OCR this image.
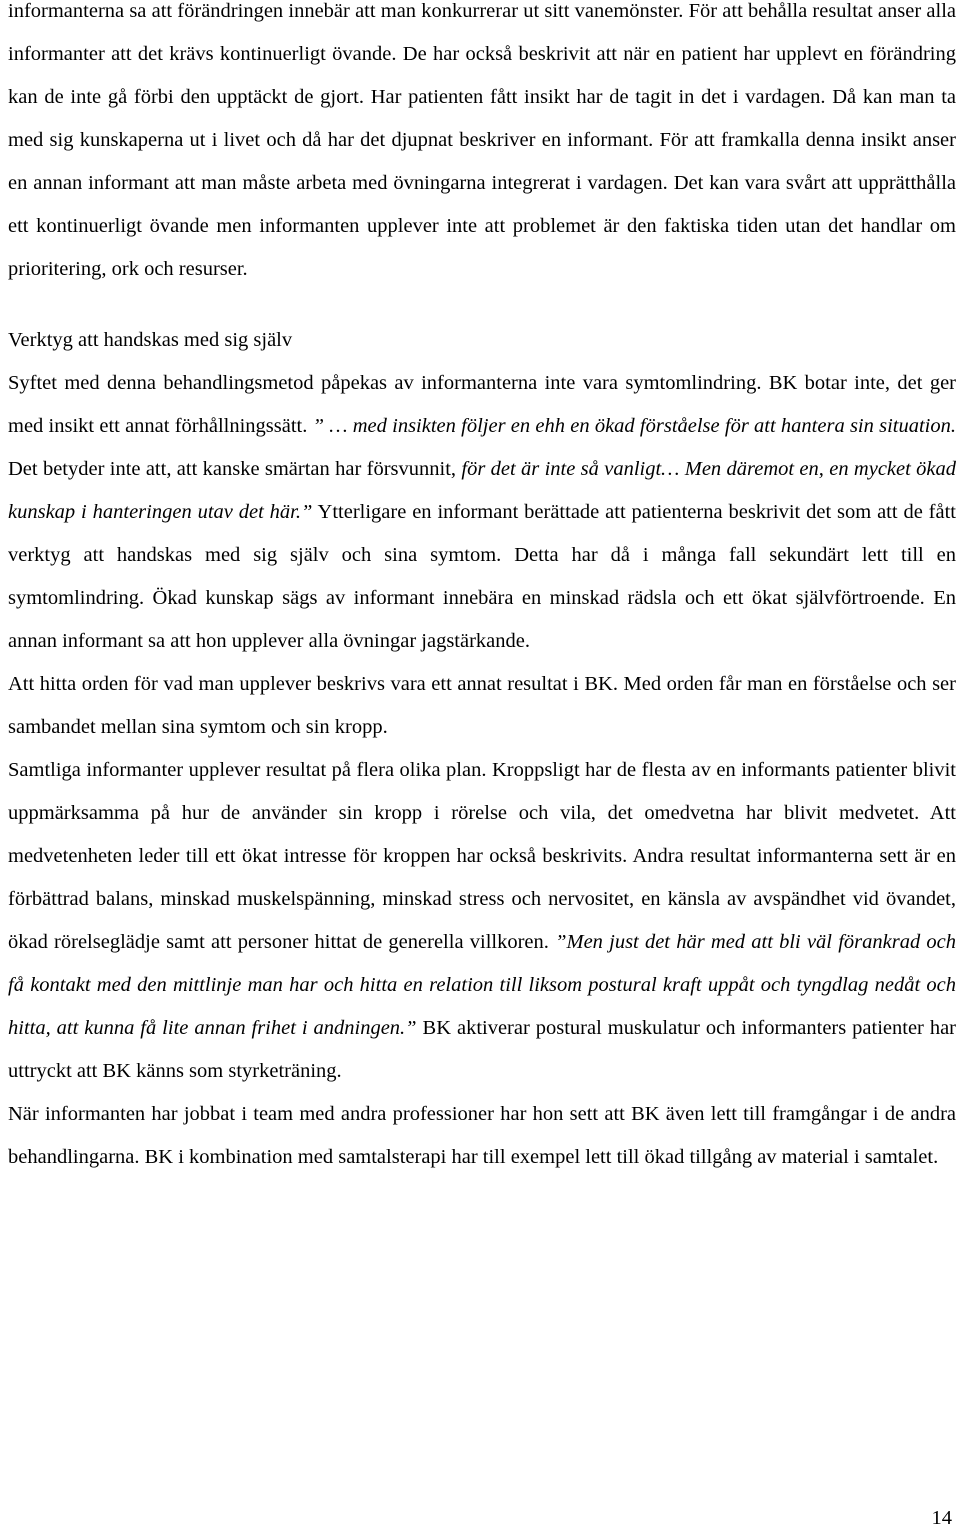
informanterna sa att förändringen innebär att man konkurrerar ut sitt vanemönster. För att behålla resultat anser alla informanter att det krävs kontinuerligt övande. De har också beskrivit att när en patient har upplevt en förändring kan de inte gå förbi den upptäckt de gjort. Har patienten fått insikt har de tagit in det i vardagen. Då kan man ta med sig kunskaperna ut i livet och då har det djupnat beskriver en informant. För att framkalla denna insikt anser en annan informant att man måste arbeta med övningarna integrerat i vardagen. Det kan vara svårt att upprätthålla ett kontinuerligt övande men informanten upplever inte att problemet är den faktiska tiden utan det handlar om prioritering, ork och resurser.

Verktyg att handskas med sig själv

Syftet med denna behandlingsmetod påpekas av informanterna inte vara symtomlindring. BK botar inte, det ger med insikt ett annat förhållningssätt. ” … med insikten följer en ehh en ökad förståelse för att hantera sin situation. Det betyder inte att, att kanske smärtan har försvunnit, för det är inte så vanligt… Men däremot en, en mycket ökad kunskap i hanteringen utav det här.” Ytterligare en informant berättade att patienterna beskrivit det som att de fått verktyg att handskas med sig själv och sina symtom. Detta har då i många fall sekundärt lett till en symtomlindring. Ökad kunskap sägs av informant innebära en minskad rädsla och ett ökat självförtroende. En annan informant sa att hon upplever alla övningar jagstärkande.

Att hitta orden för vad man upplever beskrivs vara ett annat resultat i BK. Med orden får man en förståelse och ser sambandet mellan sina symtom och sin kropp.

Samtliga informanter upplever resultat på flera olika plan. Kroppsligt har de flesta av en informants patienter blivit uppmärksamma på hur de använder sin kropp i rörelse och vila, det omedvetna har blivit medvetet. Att medvetenheten leder till ett ökat intresse för kroppen har också beskrivits. Andra resultat informanterna sett är en förbättrad balans, minskad muskelspänning, minskad stress och nervositet, en känsla av avspändhet vid övandet, ökad rörelseglädje samt att personer hittat de generella villkoren. ”Men just det här med att bli väl förankrad och få kontakt med den mittlinje man har och hitta en relation till liksom postural kraft uppåt och tyngdlag nedåt och hitta, att kunna få lite annan frihet i andningen.” BK aktiverar postural muskulatur och informanters patienter har uttryckt att BK känns som styrketräning.

När informanten har jobbat i team med andra professioner har hon sett att BK även lett till framgångar i de andra behandlingarna. BK i kombination med samtalsterapi har till exempel lett till ökad tillgång av material i samtalet.

14
